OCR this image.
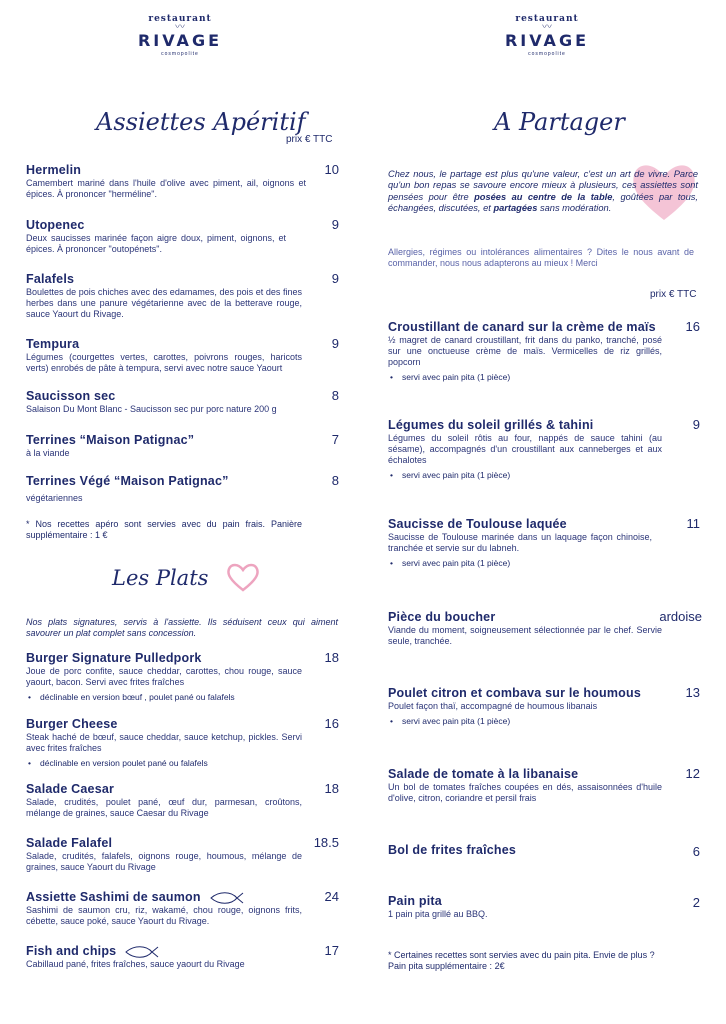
restaurant
〰
RIVAGE
cosmopolite
restaurant
〰
RIVAGE
cosmopolite
Assiettes Apéritif
prix € TTC
Hermelin	10
Camembert mariné dans l'huile d'olive avec piment, ail, oignons et épices. À prononcer "herméline".
Utopenec	9
Deux saucisses marinée façon aigre doux, piment, oignons, et épices. À prononcer "outopénets".
Falafels	9
Boulettes de pois chiches avec des edamames, des pois et des fines herbes dans une panure végétarienne avec de la betterave rouge, sauce Yaourt du Rivage.
Tempura	9
Légumes (courgettes vertes, carottes, poivrons rouges, haricots verts) enrobés de pâte à tempura, servi avec notre sauce Yaourt
Saucisson sec	8
Salaison Du Mont Blanc - Saucisson sec pur porc nature 200 g
Terrines “Maison Patignac”	7
à la viande
Terrines Végé “Maison Patignac”	8
végétariennes
* Nos recettes apéro sont servies avec du pain frais. Panière supplémentaire : 1 €
Les Plats
Nos plats signatures, servis à l'assiette. Ils séduisent ceux qui aiment savourer un plat complet sans concession.
Burger Signature Pulledpork	18
Joue de porc confite, sauce cheddar, carottes, chou rouge, sauce yaourt, bacon. Servi avec frites fraîches
• déclinable en version bœuf , poulet pané ou falafels
Burger Cheese	16
Steak haché de bœuf, sauce cheddar, sauce ketchup, pickles. Servi avec frites fraîches
• déclinable en version poulet pané ou falafels
Salade Caesar	18
Salade, crudités, poulet pané, œuf dur, parmesan, croûtons, mélange de graines, sauce Caesar du Rivage
Salade Falafel	18.5
Salade, crudités, falafels, oignons rouge, houmous, mélange de graines, sauce Yaourt du Rivage
Assiette Sashimi de saumon	24
Sashimi de saumon cru, riz, wakamé, chou rouge, oignons frits, cébette, sauce poké, sauce Yaourt du Rivage.
Fish and chips	17
Cabillaud pané, frites fraîches, sauce yaourt du Rivage
A Partager
Chez nous, le partage est plus qu'une valeur, c'est un art de vivre. Parce qu'un bon repas se savoure encore mieux à plusieurs, ces assiettes sont pensées pour être posées au centre de la table, goûtées par tous, échangées, discutées, et partagées sans modération.
Allergies, régimes ou intolérances alimentaires ? Dites le nous avant de commander, nous nous adapterons au mieux ! Merci
prix € TTC
Croustillant de canard sur la crème de maïs	16
½ magret de canard croustillant, frit dans du panko, tranché, posé sur une onctueuse crème de maïs. Vermicelles de riz grillés, popcorn
• servi avec pain pita (1 pièce)
Légumes du soleil grillés & tahini	9
Légumes du soleil rôtis au four, nappés de sauce tahini (au sésame), accompagnés d'un croustillant aux canneberges et aux échalotes
• servi avec pain pita (1 pièce)
Saucisse de Toulouse laquée	11
Saucisse de Toulouse marinée dans un laquage façon chinoise, tranchée et servie sur du labneh.
• servi avec pain pita (1 pièce)
Pièce du boucher	ardoise
Viande du moment, soigneusement sélectionnée par le chef. Servie seule, tranchée.
Poulet citron et combava sur le houmous	13
Poulet façon thaï, accompagné de houmous libanais
• servi avec pain pita (1 pièce)
Salade de tomate à la libanaise	12
Un bol de tomates fraîches coupées en dés, assaisonnées d'huile d'olive, citron, coriandre et persil frais
Bol de frites fraîches	6
Pain pita	2
1 pain pita grillé au BBQ.
* Certaines recettes sont servies avec du pain pita. Envie de plus ? Pain pita supplémentaire : 2€
